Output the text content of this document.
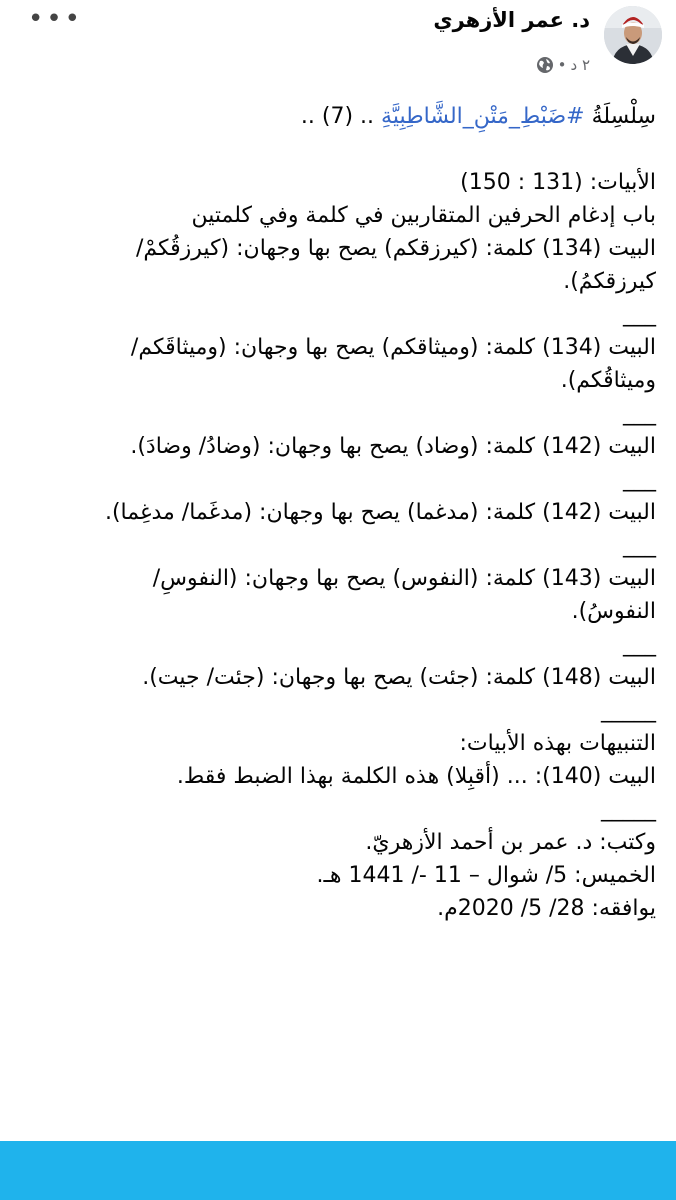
•••	د. عمر الأزهري
٢ د
•
سِلْسِلَةُ #ضَبْطِ_مَتْنِ_الشَّاطِبِيَّةِ .. (7) ..
الأبيات: (131 : 150)
باب إدغام الحرفين المتقاربين في كلمة وفي كلمتين
البيت (134) كلمة: (كيرزقكم) يصح بها وجهان: (كيرزقُكمْ/
كيرزقكمُ).
___
البيت (134) كلمة: (وميثاقكم) يصح بها وجهان: (وميثاقَكم/
وميثاقُكم).
___
البيت (142) كلمة: (وضاد) يصح بها وجهان: (وضادُ/ وضادَ).
___
البيت (142) كلمة: (مدغما) يصح بها وجهان: (مدغَما/ مدغِما).
___
البيت (143) كلمة: (النفوس) يصح بها وجهان: (النفوسِ/
النفوسُ).
___
البيت (148) كلمة: (جئت) يصح بها وجهان: (جئت/ جيت).
_____
التنبيهات بهذه الأبيات:
البيت (140): ... (أقبِلا) هذه الكلمة بهذا الضبط فقط.
_____
وكتب: د. عمر بن أحمد الأزهريّ.
الخميس: 5/ شوال – 11 -/ 1441 هـ.
يوافقه: 28/ 5/ 2020م.
